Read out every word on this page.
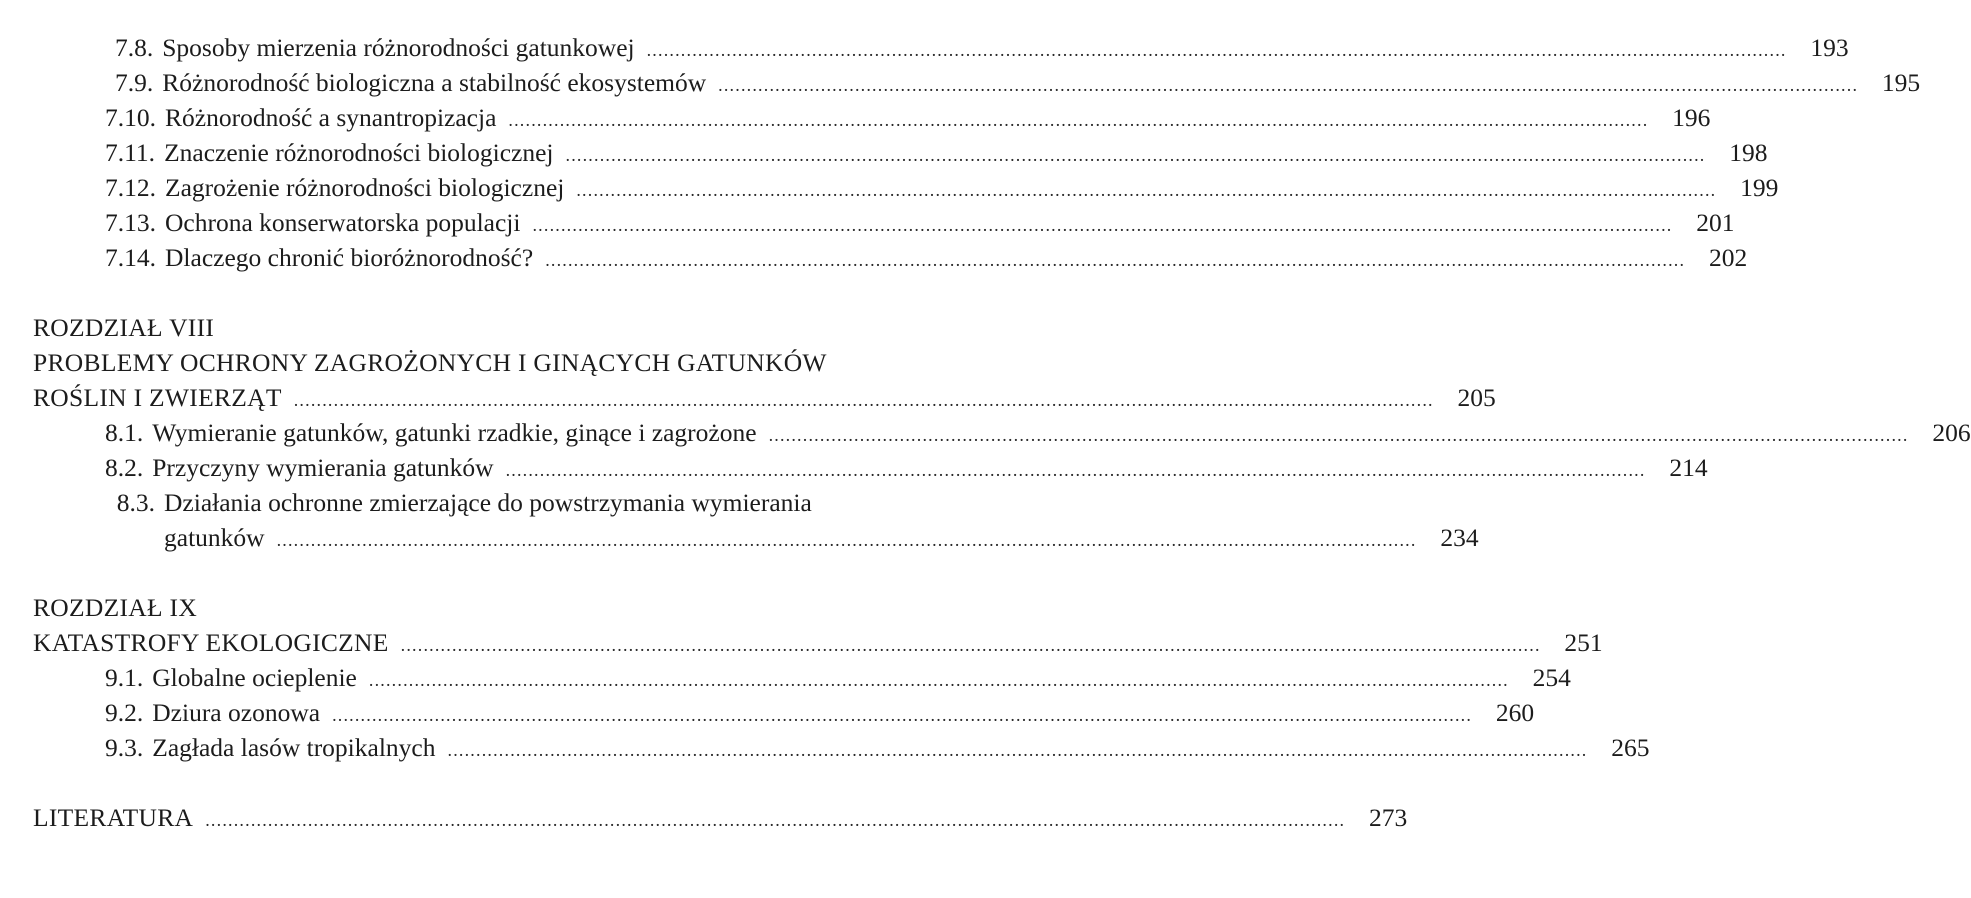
7.8. Sposoby mierzenia różnorodności gatunkowej ........................................................................................................................................................................................................ 193
7.9. Różnorodność biologiczna a stabilność ekosystemów ........................................................................................................................................................................................................ 195
7.10. Różnorodność a synantropizacja ........................................................................................................................................................................................................ 196
7.11. Znaczenie różnorodności biologicznej ........................................................................................................................................................................................................ 198
7.12. Zagrożenie różnorodności biologicznej ........................................................................................................................................................................................................ 199
7.13. Ochrona konserwatorska populacji ........................................................................................................................................................................................................ 201
7.14. Dlaczego chronić bioróżnorodność? ........................................................................................................................................................................................................ 202
ROZDZIAŁ VIII
PROBLEMY OCHRONY ZAGROŻONYCH I GINĄCYCH GATUNKÓW
ROŚLIN I ZWIERZĄT ........................................................................................................................................................................................................ 205
8.1. Wymieranie gatunków, gatunki rzadkie, ginące i zagrożone ........................................................................................................................................................................................................ 206
8.2. Przyczyny wymierania gatunków ........................................................................................................................................................................................................ 214
8.3. Działania ochronne zmierzające do powstrzymania wymierania
gatunków ........................................................................................................................................................................................................ 234
ROZDZIAŁ IX
KATASTROFY EKOLOGICZNE ........................................................................................................................................................................................................ 251
9.1. Globalne ocieplenie ........................................................................................................................................................................................................ 254
9.2. Dziura ozonowa ........................................................................................................................................................................................................ 260
9.3. Zagłada lasów tropikalnych ........................................................................................................................................................................................................ 265
LITERATURA ........................................................................................................................................................................................................ 273
